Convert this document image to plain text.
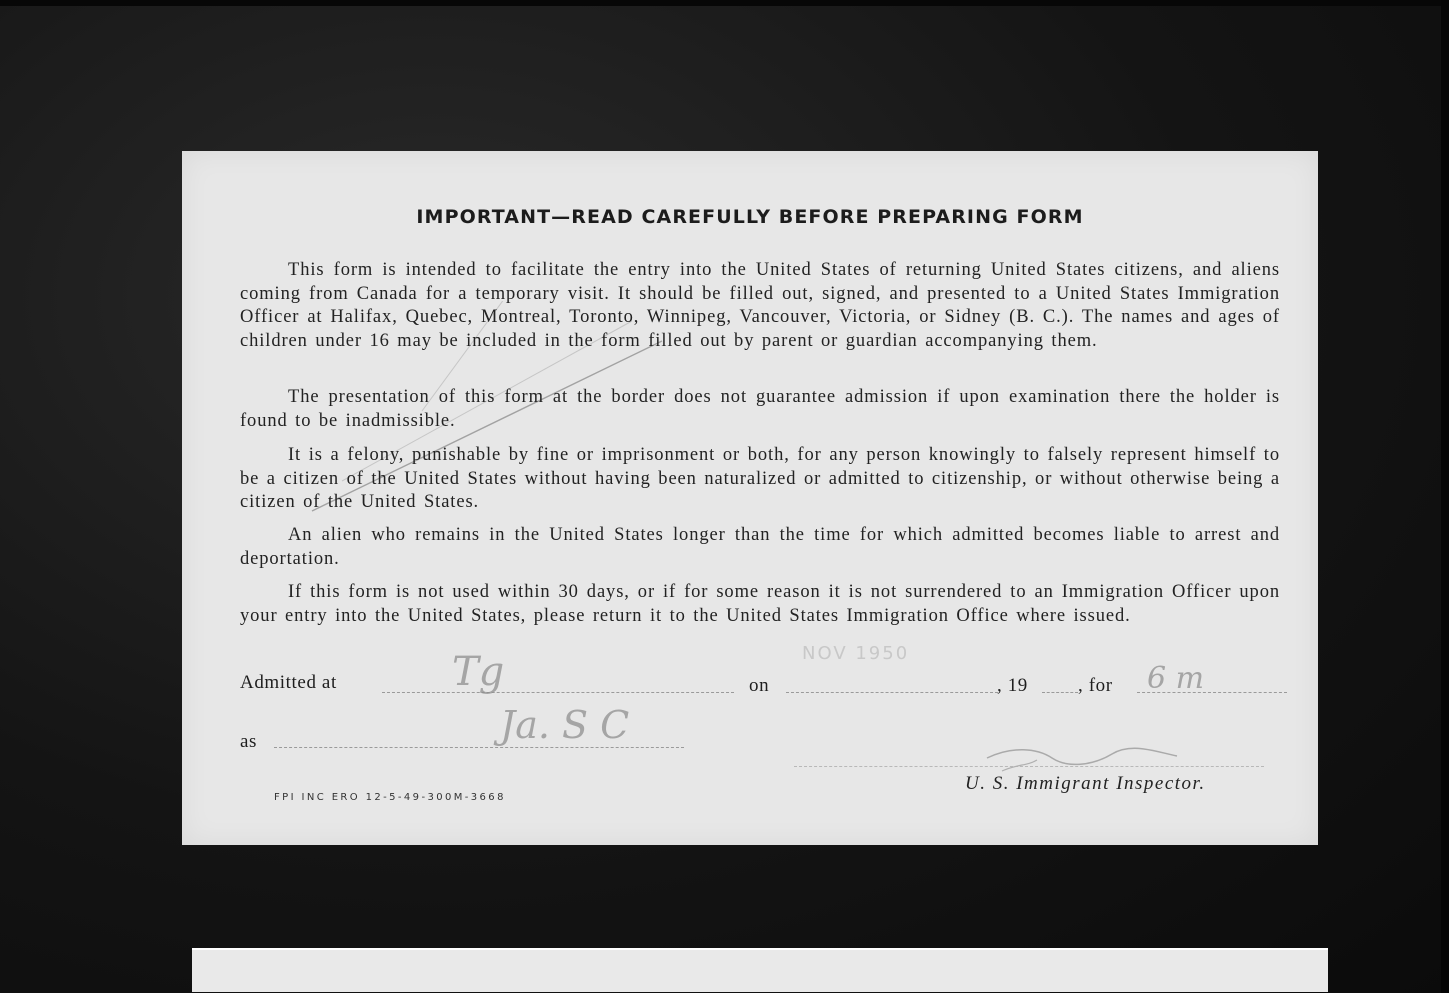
IMPORTANT—READ CAREFULLY BEFORE PREPARING FORM
This form is intended to facilitate the entry into the United States of returning United States citizens, and aliens coming from Canada for a temporary visit. It should be filled out, signed, and presented to a United States Immigration Officer at Halifax, Quebec, Montreal, Toronto, Winnipeg, Vancouver, Victoria, or Sidney (B. C.). The names and ages of children under 16 may be included in the form filled out by parent or guardian accompanying them.
The presentation of this form at the border does not guarantee admission if upon examination there the holder is found to be inadmissible.
It is a felony, punishable by fine or imprisonment or both, for any person knowingly to falsely represent himself to be a citizen of the United States without having been naturalized or admitted to citizenship, or without otherwise being a citizen of the United States.
An alien who remains in the United States longer than the time for which admitted becomes liable to arrest and deportation.
If this form is not used within 30 days, or if for some reason it is not surrendered to an Immigration Officer upon your entry into the United States, please return it to the United States Immigration Office where issued.
Admitted at	Tg	on
NOV 1950
, 19	, for 6 m
as	Ja. S C
U. S. Immigrant Inspector.
FPI INC ERO 12-5-49-300M-3668
